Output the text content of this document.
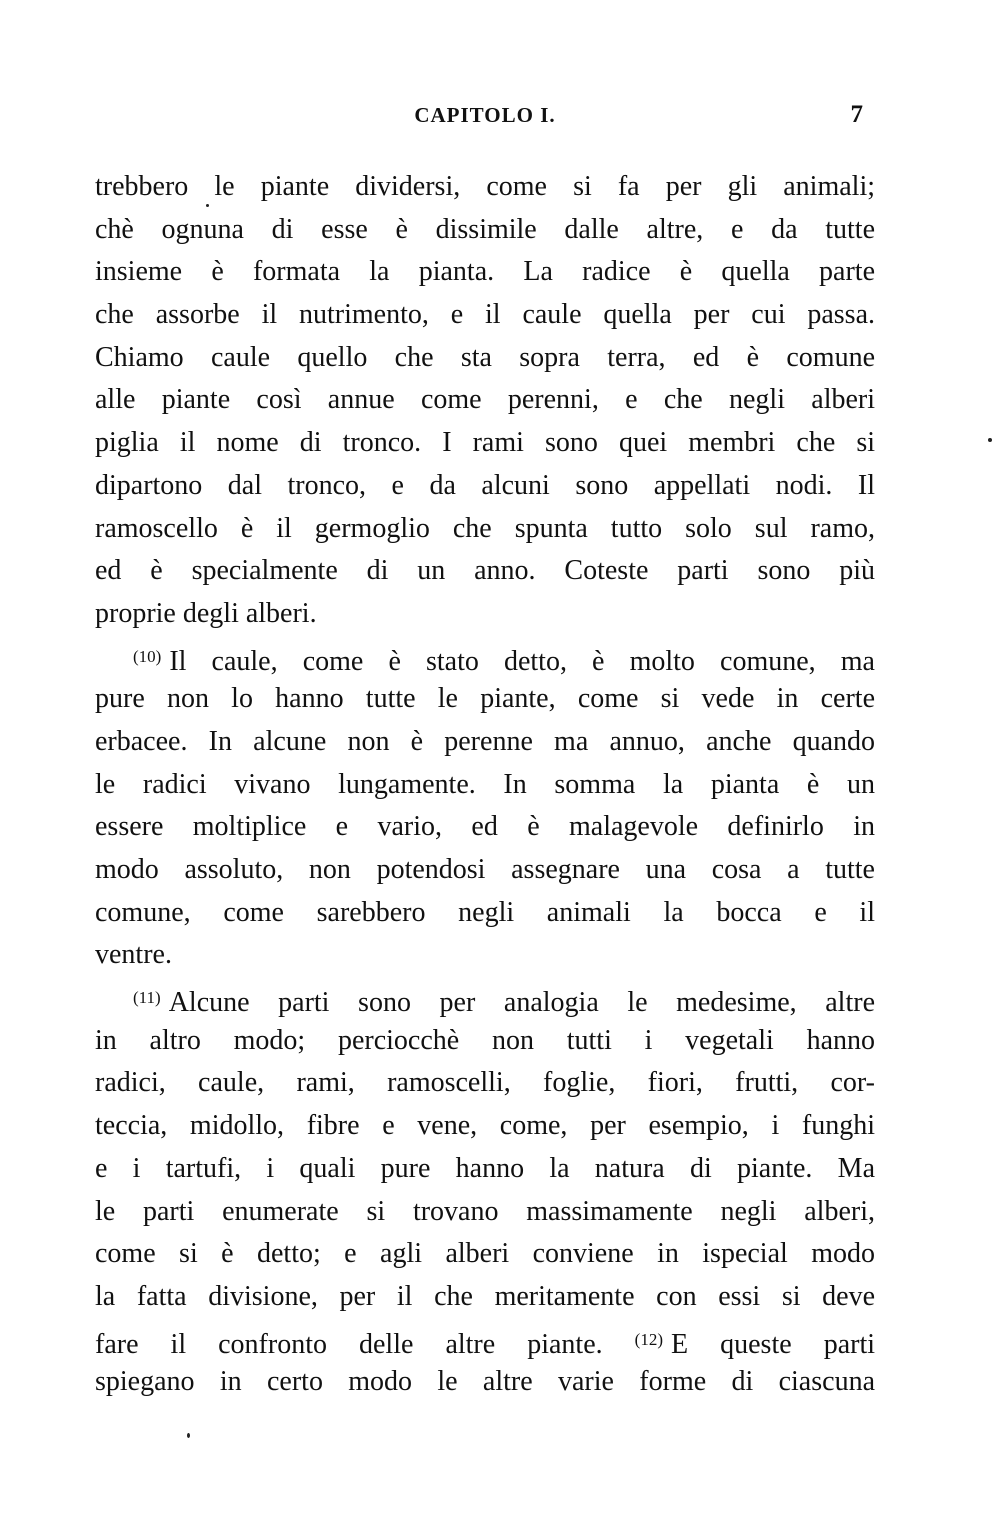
CAPITOLO I.	7
trebbero le piante dividersi, come si fa per gli animali;
chè ognuna di esse è dissimile dalle altre, e da tutte
insieme è formata la pianta. La radice è quella parte
che assorbe il nutrimento, e il caule quella per cui passa.
Chiamo caule quello che sta sopra terra, ed è comune
alle piante così annue come perenni, e che negli alberi
piglia il nome di tronco. I rami sono quei membri che si
dipartono dal tronco, e da alcuni sono appellati nodi. Il
ramoscello è il germoglio che spunta tutto solo sul ramo,
ed è specialmente di un anno. Coteste parti sono più
proprie degli alberi.
$^{(10)}$ Il caule, come è stato detto, è molto comune, ma
pure non lo hanno tutte le piante, come si vede in certe
erbacee. In alcune non è perenne ma annuo, anche quando
le radici vivano lungamente. In somma la pianta è un
essere moltiplice e vario, ed è malagevole definirlo in
modo assoluto, non potendosi assegnare una cosa a tutte
comune, come sarebbero negli animali la bocca e il
ventre.
$^{(11)}$ Alcune parti sono per analogia le medesime, altre
in altro modo; perciocchè non tutti i vegetali hanno
radici, caule, rami, ramoscelli, foglie, fiori, frutti, cor-
teccia, midollo, fibre e vene, come, per esempio, i funghi
e i tartufi, i quali pure hanno la natura di piante. Ma
le parti enumerate si trovano massimamente negli alberi,
come si è detto; e agli alberi conviene in ispecial modo
la fatta divisione, per il che meritamente con essi si deve
fare il confronto delle altre piante. $^{(12)}$ E queste parti
spiegano in certo modo le altre varie forme di ciascuna
